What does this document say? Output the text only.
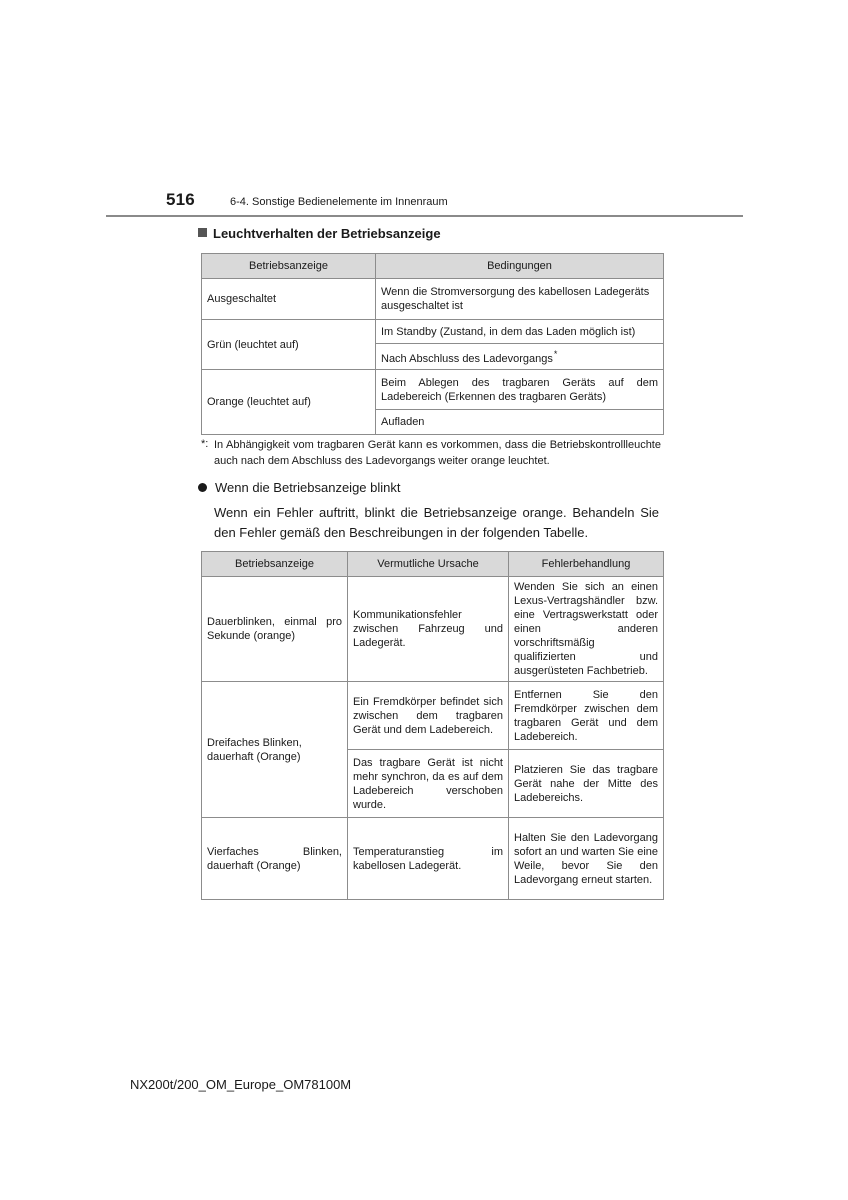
516	6-4. Sonstige Bedienelemente im Innenraum
Leuchtverhalten der Betriebsanzeige
Betriebsanzeige	Bedingungen
Ausgeschaltet	Wenn die Stromversorgung des kabellosen Ladegeräts ausgeschaltet ist
Grün (leuchtet auf)	Im Standby (Zustand, in dem das Laden möglich ist)
	Nach Abschluss des Ladevorgangs*
Orange (leuchtet auf)	Beim Ablegen des tragbaren Geräts auf dem Ladebereich (Erkennen des tragbaren Geräts)
	Aufladen
*: In Abhängigkeit vom tragbaren Gerät kann es vorkommen, dass die Betriebskontrollleuchte auch nach dem Abschluss des Ladevorgangs weiter orange leuchtet.
Wenn die Betriebsanzeige blinkt
Wenn ein Fehler auftritt, blinkt die Betriebsanzeige orange. Behandeln Sie den Fehler gemäß den Beschreibungen in der folgenden Tabelle.
Betriebsanzeige	Vermutliche Ursache	Fehlerbehandlung
Dauerblinken, einmal pro Sekunde (orange)	Kommunikationsfehler zwischen Fahrzeug und Ladegerät.	Wenden Sie sich an einen Lexus-Vertragshändler bzw. eine Vertragswerkstatt oder einen anderen vorschriftsmäßig qualifizierten und ausgerüsteten Fachbetrieb.
Dreifaches Blinken, dauerhaft (Orange)	Ein Fremdkörper befindet sich zwischen dem tragbaren Gerät und dem Ladebereich.	Entfernen Sie den Fremdkörper zwischen dem tragbaren Gerät und dem Ladebereich.
	Das tragbare Gerät ist nicht mehr synchron, da es auf dem Ladebereich verschoben wurde.	Platzieren Sie das tragbare Gerät nahe der Mitte des Ladebereichs.
Vierfaches Blinken, dauerhaft (Orange)	Temperaturanstieg im kabellosen Ladegerät.	Halten Sie den Ladevorgang sofort an und warten Sie eine Weile, bevor Sie den Ladevorgang erneut starten.
NX200t/200_OM_Europe_OM78100M
